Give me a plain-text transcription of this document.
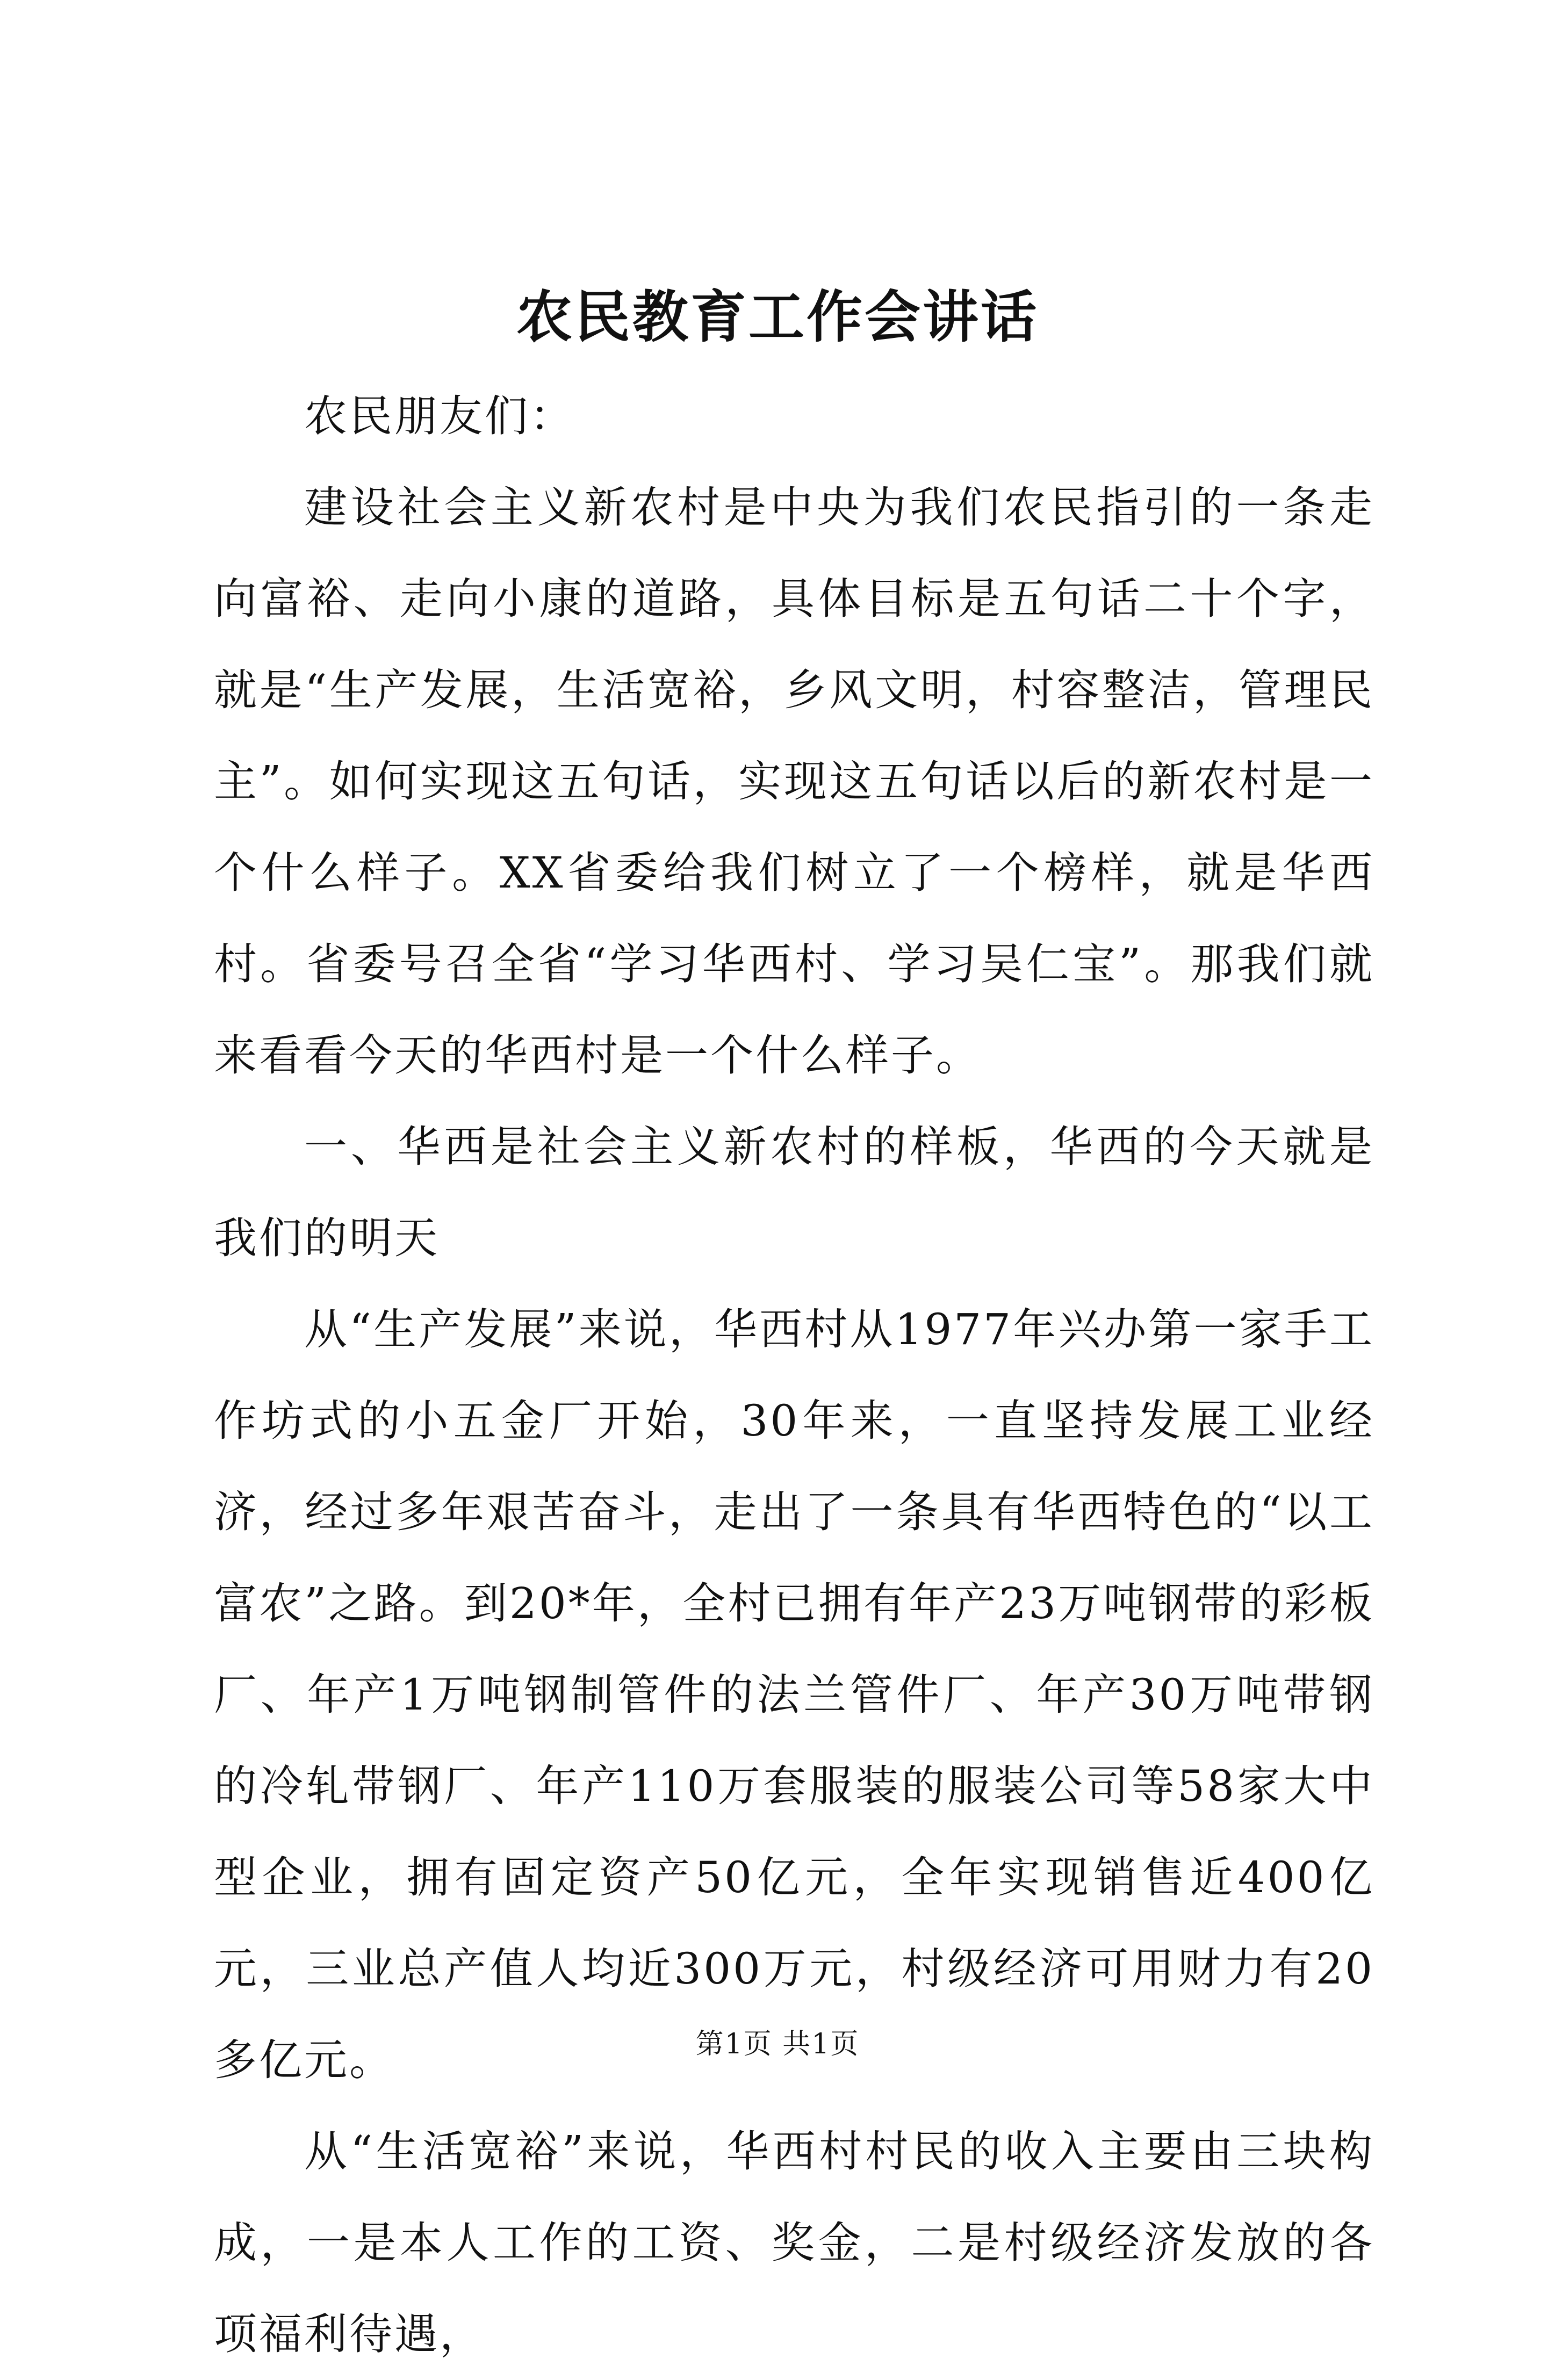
农民教育工作会讲话

农民朋友们：

建设社会主义新农村是中央为我们农民指引的一条走向富裕、走向小康的道路，具体目标是五句话二十个字，就是“生产发展，生活宽裕，乡风文明，村容整洁，管理民主”。如何实现这五句话，实现这五句话以后的新农村是一个什么样子。XX省委给我们树立了一个榜样，就是华西村。省委号召全省“学习华西村、学习吴仁宝”。那我们就来看看今天的华西村是一个什么样子。

一、华西是社会主义新农村的样板，华西的今天就是我们的明天

从“生产发展”来说，华西村从1977年兴办第一家手工作坊式的小五金厂开始，30年来，一直坚持发展工业经济，经过多年艰苦奋斗，走出了一条具有华西特色的“以工富农”之路。到20*年，全村已拥有年产23万吨钢带的彩板厂、年产1万吨钢制管件的法兰管件厂、年产30万吨带钢的冷轧带钢厂、年产110万套服装的服装公司等58家大中型企业，拥有固定资产50亿元，全年实现销售近400亿元，三业总产值人均近300万元，村级经济可用财力有20多亿元。

从“生活宽裕”来说，华西村村民的收入主要由三块构成，一是本人工作的工资、奖金，二是村级经济发放的各项福利待遇，

第1页 共1页
